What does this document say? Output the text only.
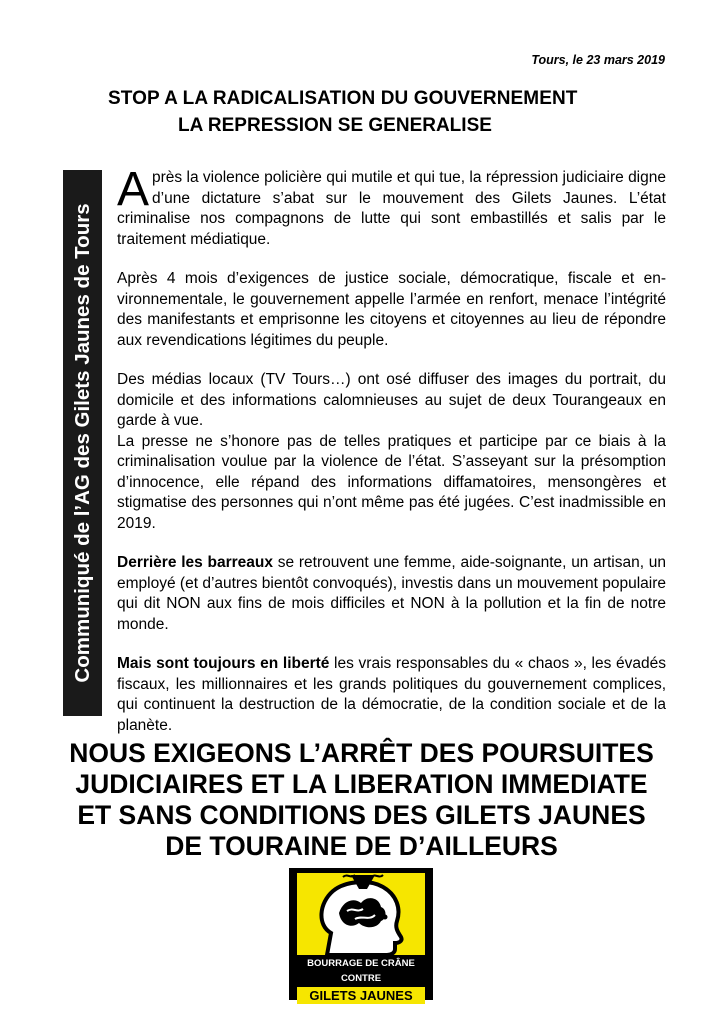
Tours, le 23 mars 2019
STOP A LA RADICALISATION DU GOUVERNEMENT
LA REPRESSION SE GENERALISE
Communiqué de l’AG des Gilets Jaunes de Tours

Après la violence policière qui mutile et qui tue, la répression judiciaire digne d’une dictature s’abat sur le mouvement des Gilets Jaunes. L’état criminalise nos compagnons de lutte qui sont embastillés et salis par le traitement médiatique.

Après 4 mois d’exigences de justice sociale, démocratique, fiscale et environnementale, le gouvernement appelle l’armée en renfort, menace l’intégrité des manifestants et emprisonne les citoyens et citoyennes au lieu de répondre aux revendications légitimes du peuple.

Des médias locaux (TV Tours…) ont osé diffuser des images du portrait, du domicile et des informations calomnieuses au sujet de deux Tourangeaux en garde à vue.

La presse ne s’honore pas de telles pratiques et participe par ce biais à la criminalisation voulue par la violence de l’état. S’asseyant sur la présomption d’innocence, elle répand des informations diffamatoires, mensongères et stigmatise des personnes qui n’ont même pas été jugées. C’est inadmissible en 2019.

Derrière les barreaux se retrouvent une femme, aide-soignante, un artisan, un employé (et d’autres bientôt convoqués), investis dans un mouvement populaire qui dit NON aux fins de mois difficiles et NON à la pollution et la fin de notre monde.

Mais sont toujours en liberté les vrais responsables du « chaos », les évadés fiscaux, les millionnaires et les grands politiques du gouvernement complices, qui continuent la destruction de la démocratie, de la condition sociale et de la planète.

NOUS EXIGEONS L’ARRÊT DES POURSUITES
JUDICIAIRES ET LA LIBERATION IMMEDIATE
ET SANS CONDITIONS DES GILETS JAUNES
DE TOURAINE DE D’AILLEURS
BOURRAGE DE CRÂNE
CONTRE
GILETS JAUNES
